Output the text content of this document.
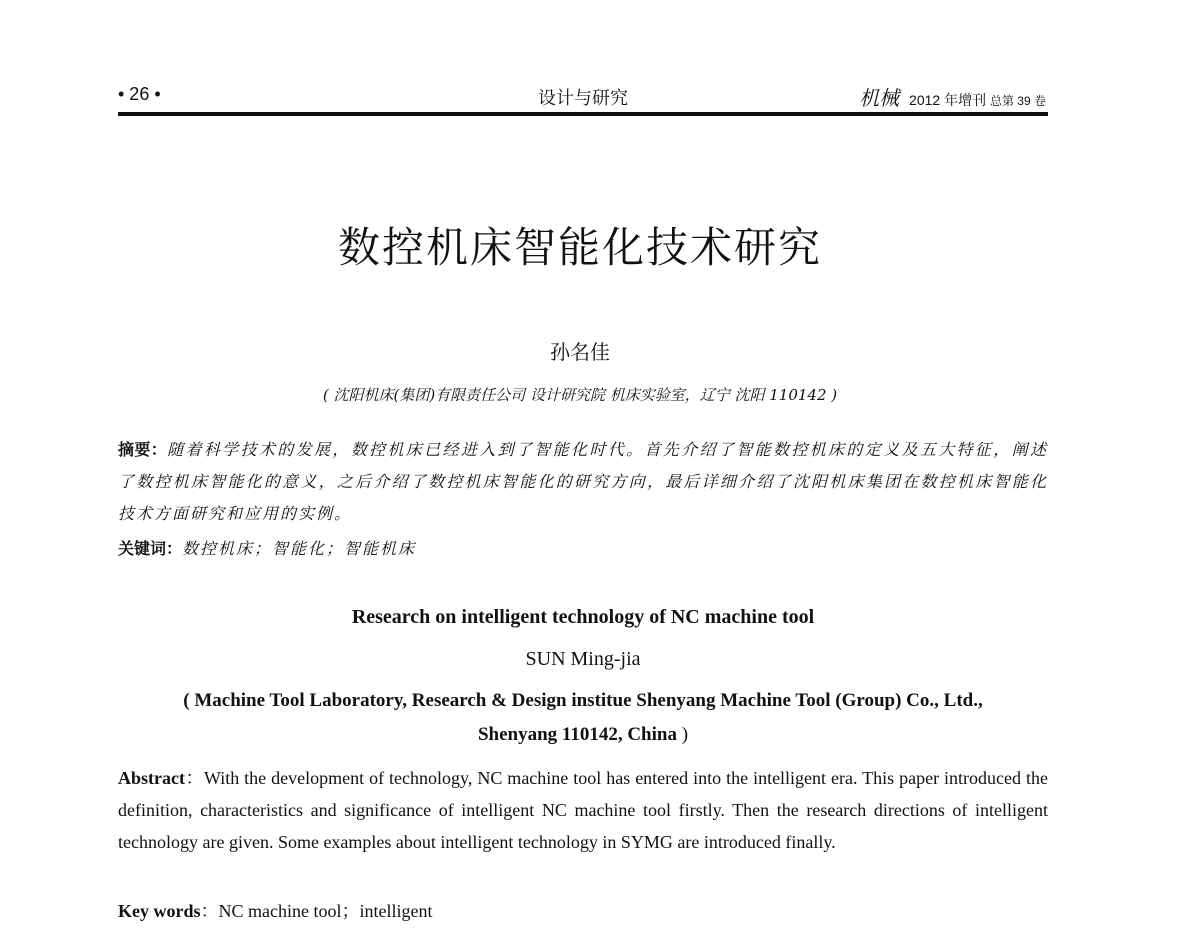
• 26 •	设计与研究	机械 2012 年增刊 总第 39 卷
数控机床智能化技术研究
孙名佳
( 沈阳机床(集团)有限责任公司 设计研究院 机床实验室，辽宁 沈阳 110142 )
摘要：随着科学技术的发展，数控机床已经进入到了智能化时代。首先介绍了智能数控机床的定义及五大特征，阐述了数控机床智能化的意义，之后介绍了数控机床智能化的研究方向，最后详细介绍了沈阳机床集团在数控机床智能化技术方面研究和应用的实例。
关键词：数控机床；智能化；智能机床
Research on intelligent technology of NC machine tool
SUN Ming-jia
( Machine Tool Laboratory, Research & Design institue Shenyang Machine Tool (Group) Co., Ltd.,
Shenyang 110142, China )
Abstract：With the development of technology, NC machine tool has entered into the intelligent era. This paper introduced the definition, characteristics and significance of intelligent NC machine tool firstly. Then the research directions of intelligent technology are given. Some examples about intelligent technology in SYMG are introduced finally.
Key words：NC machine tool；intelligent
